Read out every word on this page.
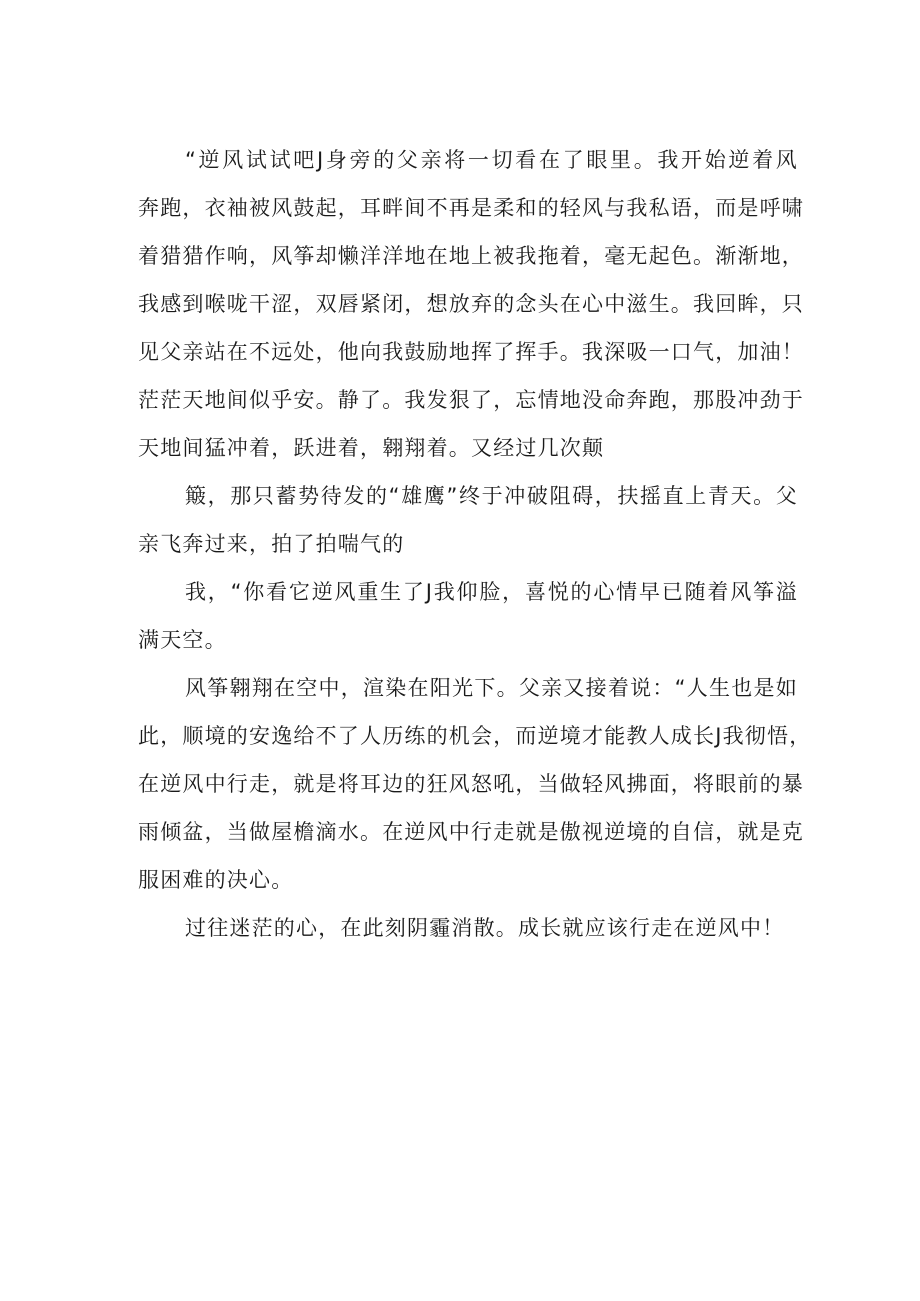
“逆风试试吧J身旁的父亲将一切看在了眼里。我开始逆着风
奔跑，衣袖被风鼓起，耳畔间不再是柔和的轻风与我私语，而是呼啸
着猎猎作响，风筝却懒洋洋地在地上被我拖着，毫无起色。渐渐地，
我感到喉咙干涩，双唇紧闭，想放弃的念头在心中滋生。我回眸，只
见父亲站在不远处，他向我鼓励地挥了挥手。我深吸一口气，加油！
茫茫天地间似乎安。静了。我发狠了，忘情地没命奔跑，那股冲劲于
天地间猛冲着，跃进着，翱翔着。又经过几次颠
簸，那只蓄势待发的“雄鹰”终于冲破阻碍，扶摇直上青天。父
亲飞奔过来，拍了拍喘气的
我，“你看它逆风重生了J我仰脸，喜悦的心情早已随着风筝溢
满天空。
风筝翱翔在空中，渲染在阳光下。父亲又接着说：“人生也是如
此，顺境的安逸给不了人历练的机会，而逆境才能教人成长J我彻悟，
在逆风中行走，就是将耳边的狂风怒吼，当做轻风拂面，将眼前的暴
雨倾盆，当做屋檐滴水。在逆风中行走就是傲视逆境的自信，就是克
服困难的决心。
过往迷茫的心，在此刻阴霾消散。成长就应该行走在逆风中！
